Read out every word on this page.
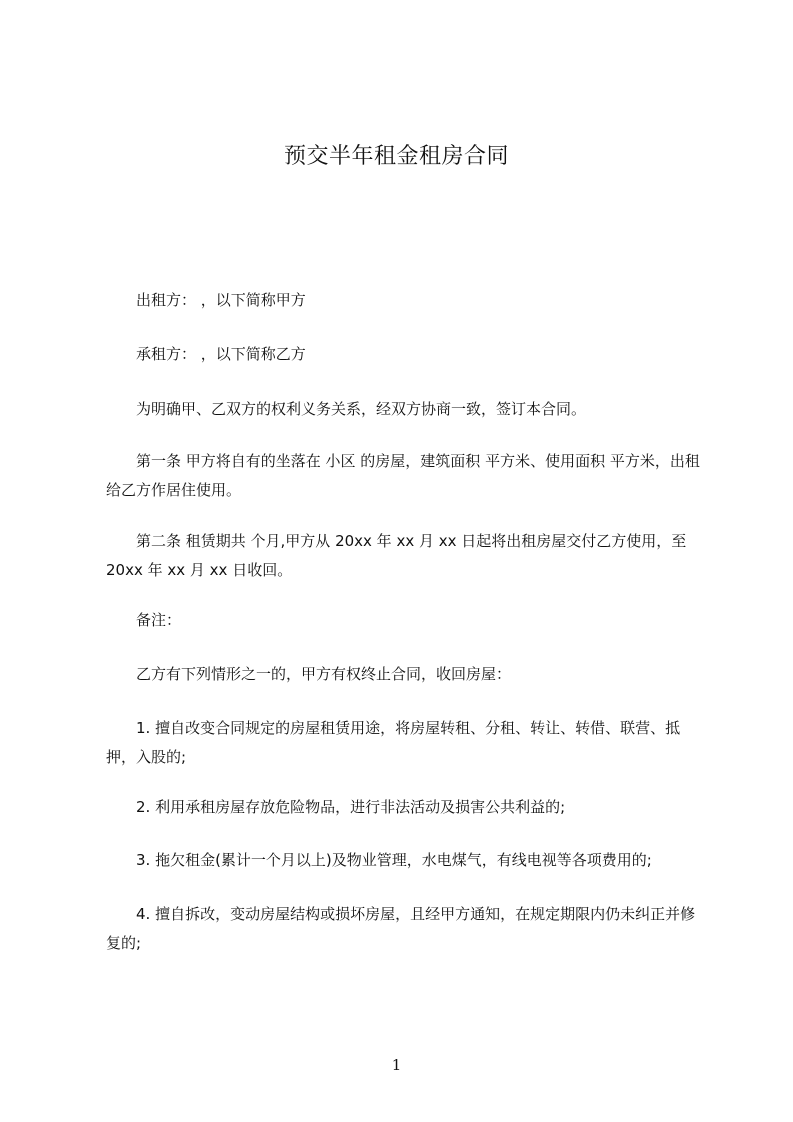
预交半年租金租房合同

出租方： ，以下简称甲方

承租方： ，以下简称乙方

为明确甲、乙双方的权利义务关系，经双方协商一致，签订本合同。

第一条 甲方将自有的坐落在 小区 的房屋，建筑面积 平方米、使用面积 平方米，出租给乙方作居住使用。

第二条 租赁期共 个月,甲方从 20xx 年 xx 月 xx 日起将出租房屋交付乙方使用，至 20xx 年 xx 月 xx 日收回。

备注：

乙方有下列情形之一的，甲方有权终止合同，收回房屋：

1. 擅自改变合同规定的房屋租赁用途，将房屋转租、分租、转让、转借、联营、抵押，入股的;

2. 利用承租房屋存放危险物品，进行非法活动及损害公共利益的;

3. 拖欠租金(累计一个月以上)及物业管理，水电煤气，有线电视等各项费用的;

4. 擅自拆改，变动房屋结构或损坏房屋，且经甲方通知，在规定期限内仍未纠正并修复的;

1
